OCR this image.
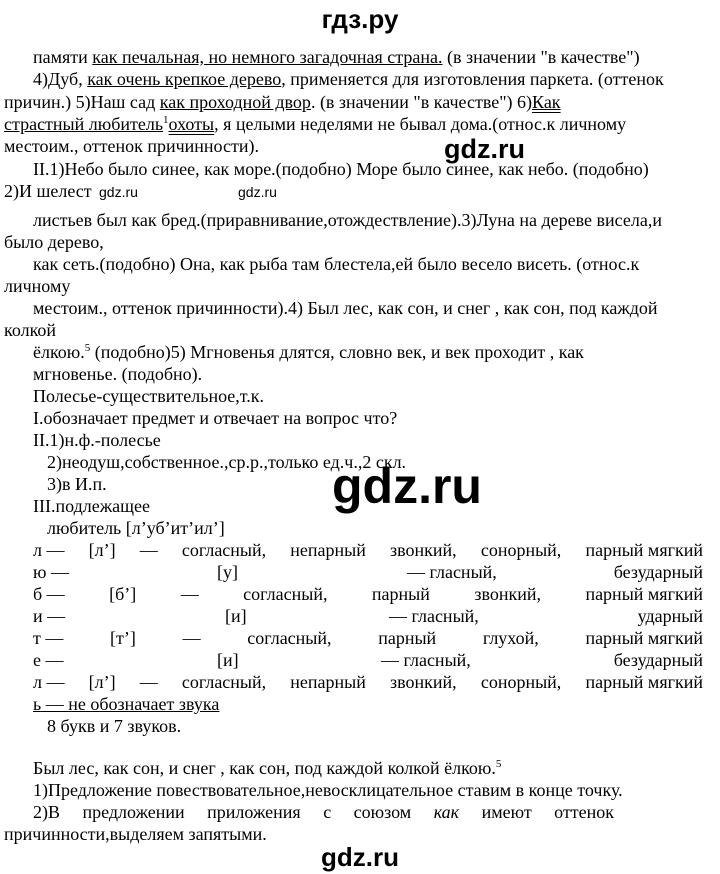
гдз.ру
памяти как печальная, но немного загадочная страна. (в значении "в качестве")
4)Дуб, как очень крепкое дерево, применяется для изготовления паркета. (оттенок
причин.) 5)Наш сад как проходной двор. (в значении "в качестве") 6)Как
страстный любитель$^1$охоты, я целыми неделями не бывал дома.(относ.к личному
местоим., оттенок причинности).	gdz.ru
II.1)Небо было синее, как море.(подобно) Море было синее, как небо. (подобно)
2)И шелест gdz.ru	gdz.ru
листьев был как бред.(приравнивание,отождествление).3)Луна на дереве висела,и
было дерево,
как сеть.(подобно) Она, как рыба там блестела,ей было весело висеть. (относ.к
личному
местоим., оттенок причинности).4) Был лес, как сон, и снег , как сон, под каждой
колкой
ёлкою.$^5$ (подобно)5) Мгновенья длятся, словно век, и век проходит , как
мгновенье. (подобно).
Полесье-существительное,т.к.
I.обозначает предмет и отвечает на вопрос что?
II.1)н.ф.-полесье
2)неодуш,собственное.,ср.р.,только ед.ч.,2 скл.
3)в И.п.
III.подлежащее	gdz.ru
любитель [л’уб’ит’ил’]
л — [л’] — согласный, непарный звонкий, сонорный, парный мягкий
ю —	[у]	— гласный,	безударный
б — [б’] — согласный, парный звонкий, парный мягкий
и —	[и]	— гласный,	ударный
т —	[т’]	—	согласный,	парный	глухой,	парный мягкий
е —	[и]	— гласный,	безударный
л — [л’] — согласный, непарный звонкий, сонорный, парный мягкий
ь — не обозначает звука
8 букв и 7 звуков.
Был лес, как сон, и снег , как сон, под каждой колкой ёлкою.$^5$
1)Предложение повествовательное,невосклицательное ставим в конце точку.
2)В     предложении     приложения     с     союзом     как     имеют     оттенок
причинности,выделяем запятыми.
gdz.ru
